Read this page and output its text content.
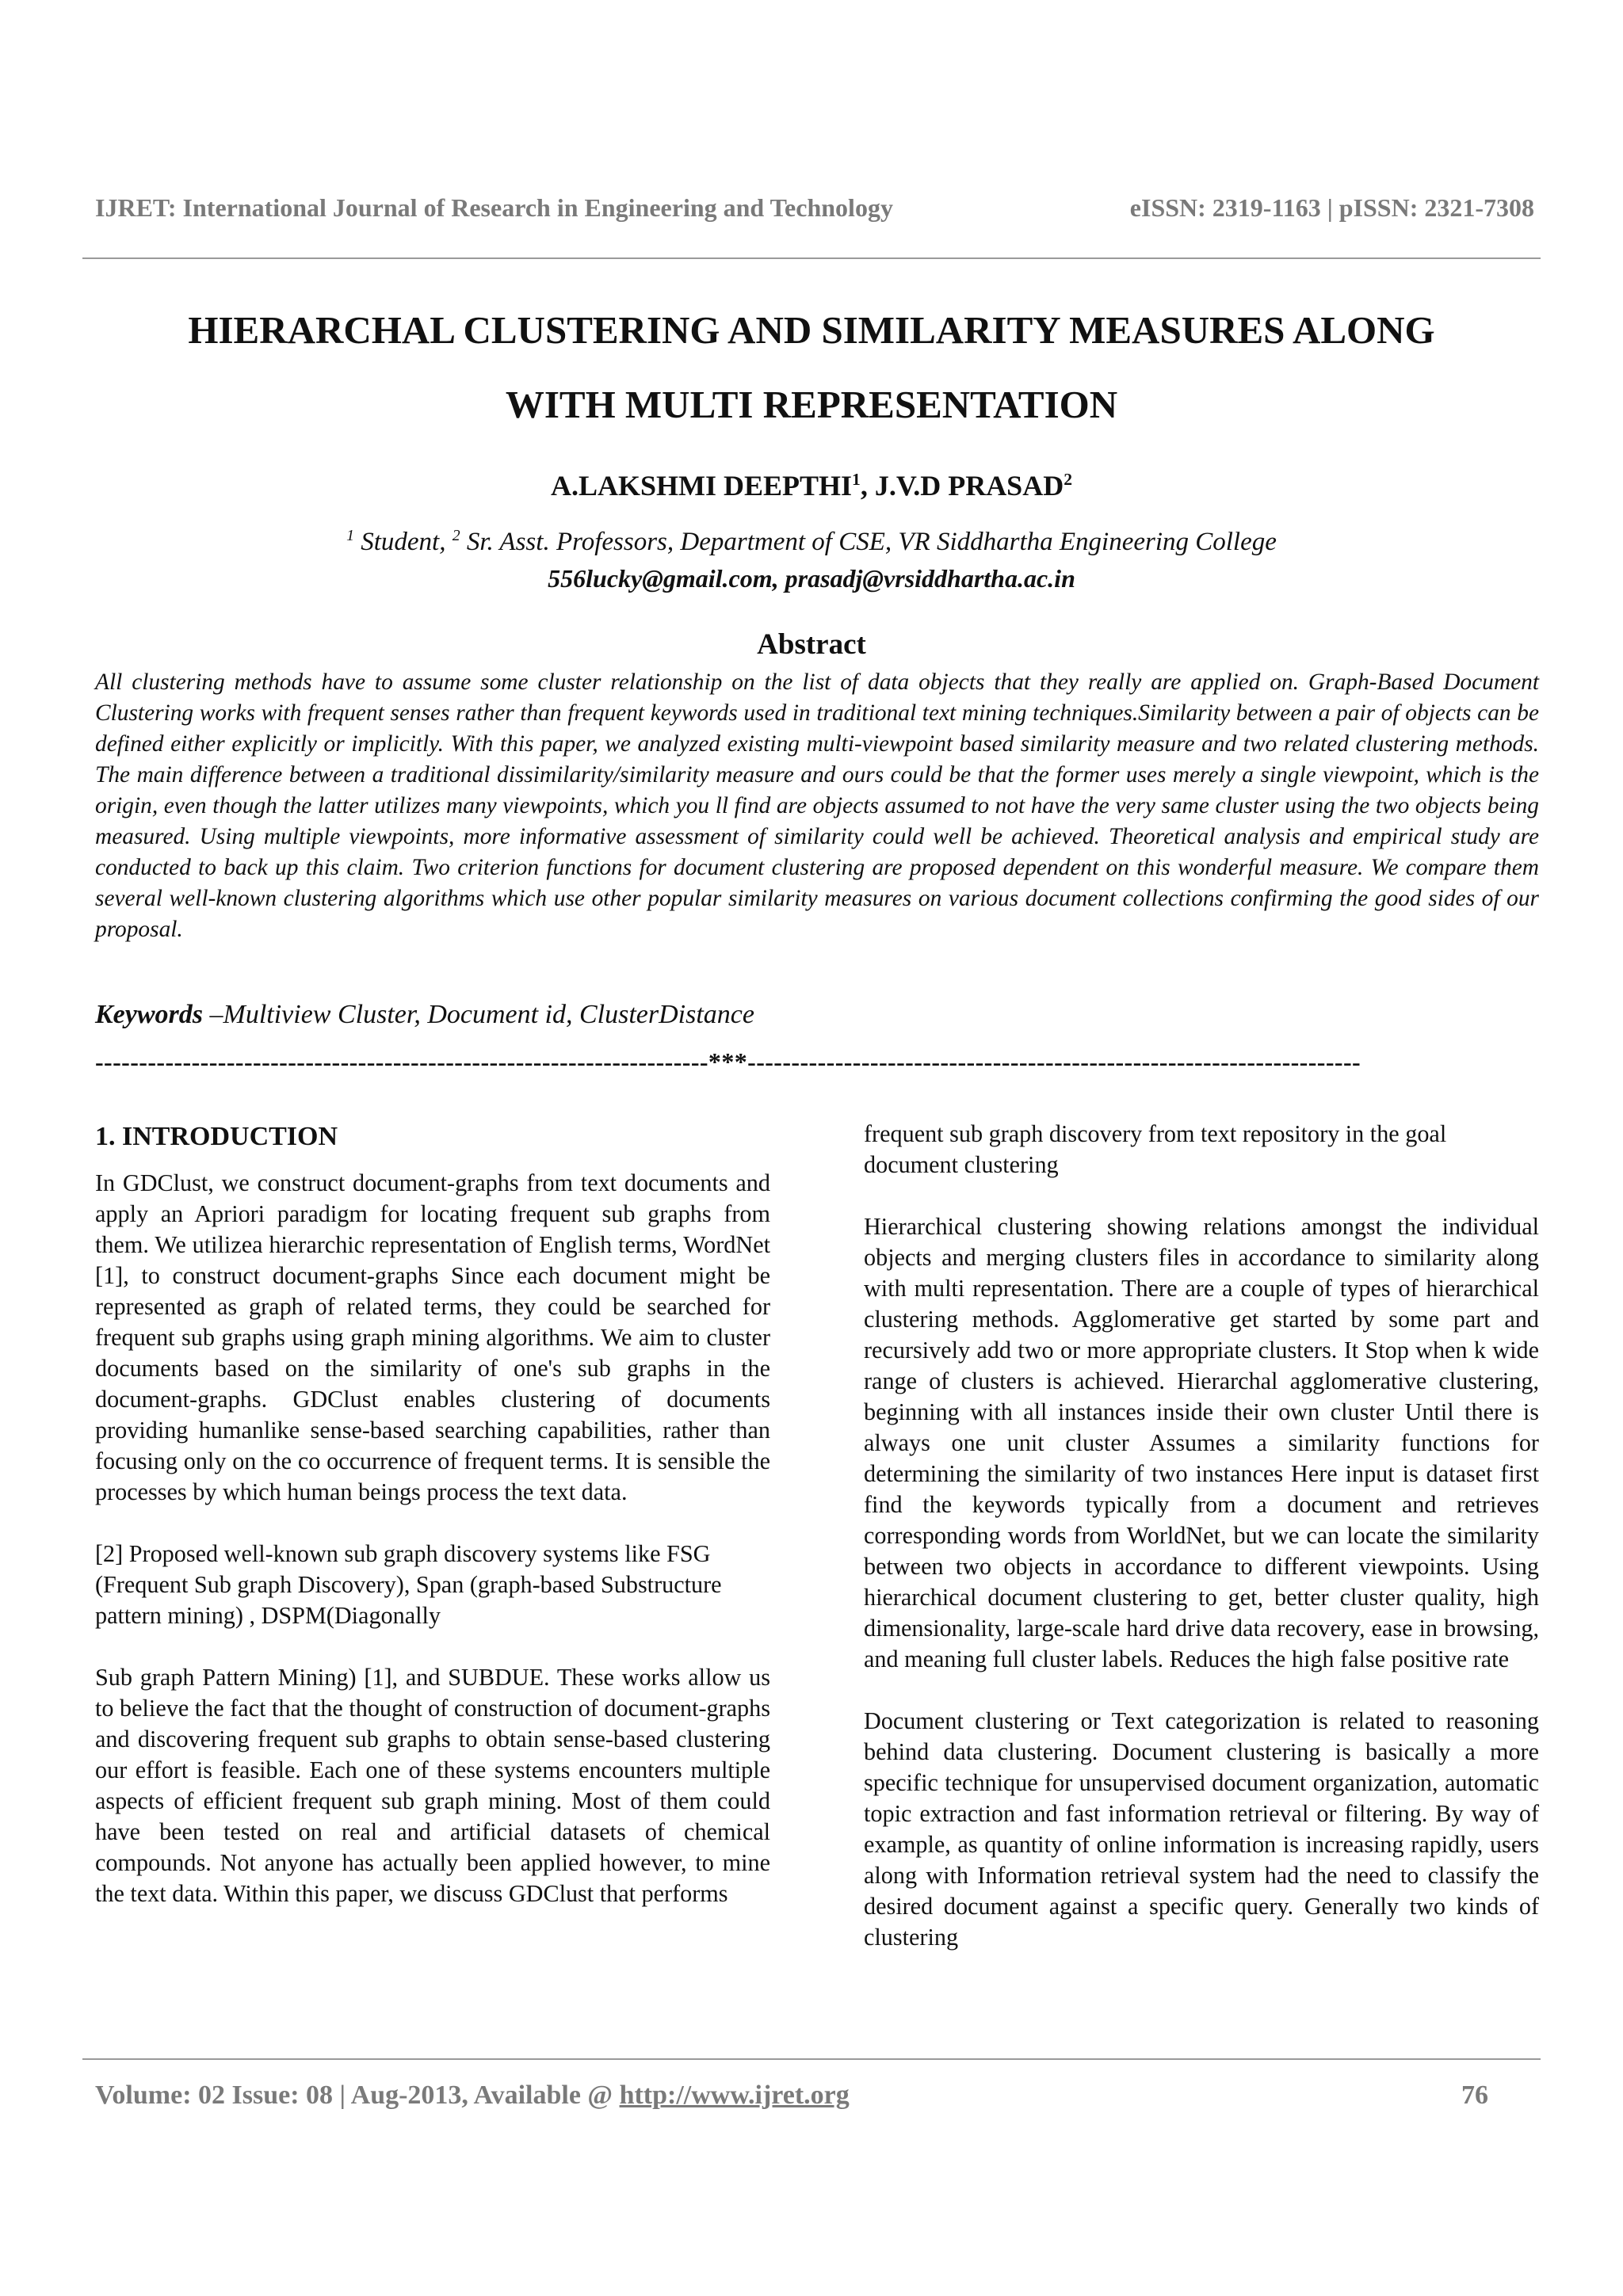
IJRET: International Journal of Research in Engineering and Technology	eISSN: 2319-1163 | pISSN: 2321-7308
HIERARCHAL CLUSTERING AND SIMILARITY MEASURES ALONG
WITH MULTI REPRESENTATION
A.LAKSHMI DEEPTHI$^1$, J.V.D PRASAD$^2$
$^1$ Student, $^2$ Sr. Asst. Professors, Department of CSE, VR Siddhartha Engineering College
556lucky@gmail.com, prasadj@vrsiddhartha.ac.in
Abstract

All clustering methods have to assume some cluster relationship on the list of data objects that they really are applied on. Graph-Based Document Clustering works with frequent senses rather than frequent keywords used in traditional text mining techniques.Similarity between a pair of objects can be defined either explicitly or implicitly. With this paper, we analyzed existing multi-viewpoint based similarity measure and two related clustering methods. The main difference between a traditional dissimilarity/similarity measure and ours could be that the former uses merely a single viewpoint, which is the origin, even though the latter utilizes many viewpoints, which you ll find are objects assumed to not have the very same cluster using the two objects being measured. Using multiple viewpoints, more informative assessment of similarity could well be achieved. Theoretical analysis and empirical study are conducted to back up this claim. Two criterion functions for document clustering are proposed dependent on this wonderful measure. We compare them several well-known clustering algorithms which use other popular similarity measures on various document collections confirming the good sides of our proposal.

Keywords –Multiview Cluster, Document id, ClusterDistance
----------------------------------------------------------------------***----------------------------------------------------------------------
1. INTRODUCTION

In GDClust, we construct document-graphs from text documents and apply an Apriori paradigm for locating frequent sub graphs from them. We utilizea hierarchic representation of English terms, WordNet [1], to construct document-graphs Since each document might be represented as graph of related terms, they could be searched for frequent sub graphs using graph mining algorithms. We aim to cluster documents based on the similarity of one's sub graphs in the document-graphs. GDClust enables clustering of documents providing humanlike sense-based searching capabilities, rather than focusing only on the co occurrence of frequent terms. It is sensible the processes by which human beings process the text data.

[2] Proposed well-known sub graph discovery systems like FSG (Frequent Sub graph Discovery), Span (graph-based Substructure pattern mining) , DSPM(Diagonally

Sub graph Pattern Mining) [1], and SUBDUE. These works allow us to believe the fact that the thought of construction of document-graphs and discovering frequent sub graphs to obtain sense-based clustering our effort is feasible. Each one of these systems encounters multiple aspects of efficient frequent sub graph mining. Most of them could have been tested on real and artificial datasets of chemical compounds. Not anyone has actually been applied however, to mine the text data. Within this paper, we discuss GDClust that performs

frequent sub graph discovery from text repository in the goal document clustering

Hierarchical clustering showing relations amongst the individual objects and merging clusters files in accordance to similarity along with multi representation. There are a couple of types of hierarchical clustering methods. Agglomerative get started by some part and recursively add two or more appropriate clusters. It Stop when k wide range of clusters is achieved. Hierarchal agglomerative clustering, beginning with all instances inside their own cluster Until there is always one unit cluster Assumes a similarity functions for determining the similarity of two instances Here input is dataset first find the keywords typically from a document and retrieves corresponding words from WorldNet, but we can locate the similarity between two objects in accordance to different viewpoints. Using hierarchical document clustering to get, better cluster quality, high dimensionality, large-scale hard drive data recovery, ease in browsing, and meaning full cluster labels. Reduces the high false positive rate

Document clustering or Text categorization is related to reasoning behind data clustering. Document clustering is basically a more specific technique for unsupervised document organization, automatic topic extraction and fast information retrieval or filtering. By way of example, as quantity of online information is increasing rapidly, users along with Information retrieval system had the need to classify the desired document against a specific query. Generally two kinds of clustering

Volume: 02 Issue: 08 | Aug-2013, Available @ http://www.ijret.org	76
